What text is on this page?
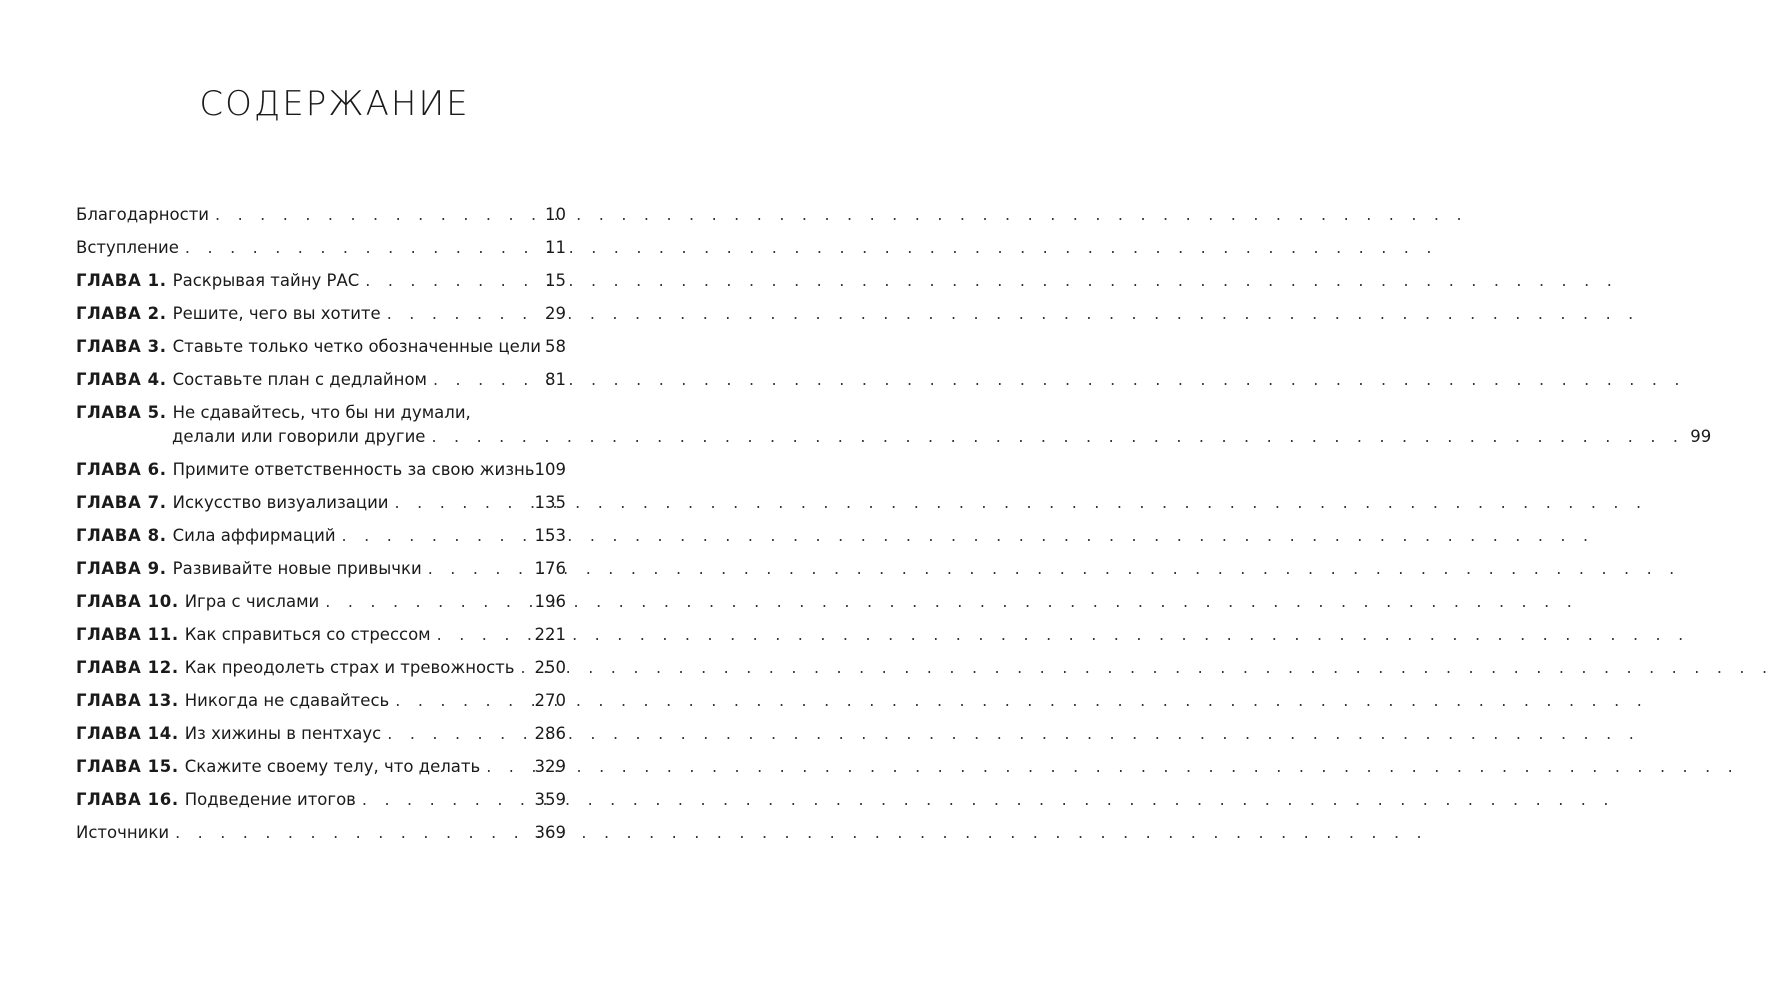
СОДЕРЖАНИЕ
Благодарности . . .	10
Вступление . . .	11
ГЛАВА 1. Раскрывая тайну РАС . . .	15
ГЛАВА 2. Решите, чего вы хотите . . .	29
ГЛАВА 3. Ставьте только четко обозначенные цели 58
ГЛАВА 4. Составьте план с дедлайном . . .	81
ГЛАВА 5. Не сдавайтесь, что бы ни думали,
делали или говорили другие . . .	99
ГЛАВА 6. Примите ответственность за свою жизнь 109
ГЛАВА 7. Искусство визуализации . . .	135
ГЛАВА 8. Сила аффирмаций . . .	153
ГЛАВА 9. Развивайте новые привычки . . .	176
ГЛАВА 10. Игра с числами . . .	196
ГЛАВА 11. Как справиться со стрессом . . .	221
ГЛАВА 12. Как преодолеть страх и тревожность . . . 250
ГЛАВА 13. Никогда не сдавайтесь . . .	270
ГЛАВА 14. Из хижины в пентхаус . . .	286
ГЛАВА 15. Скажите своему телу, что делать . . .	329
ГЛАВА 16. Подведение итогов . . .	359
Источники . . .	369
